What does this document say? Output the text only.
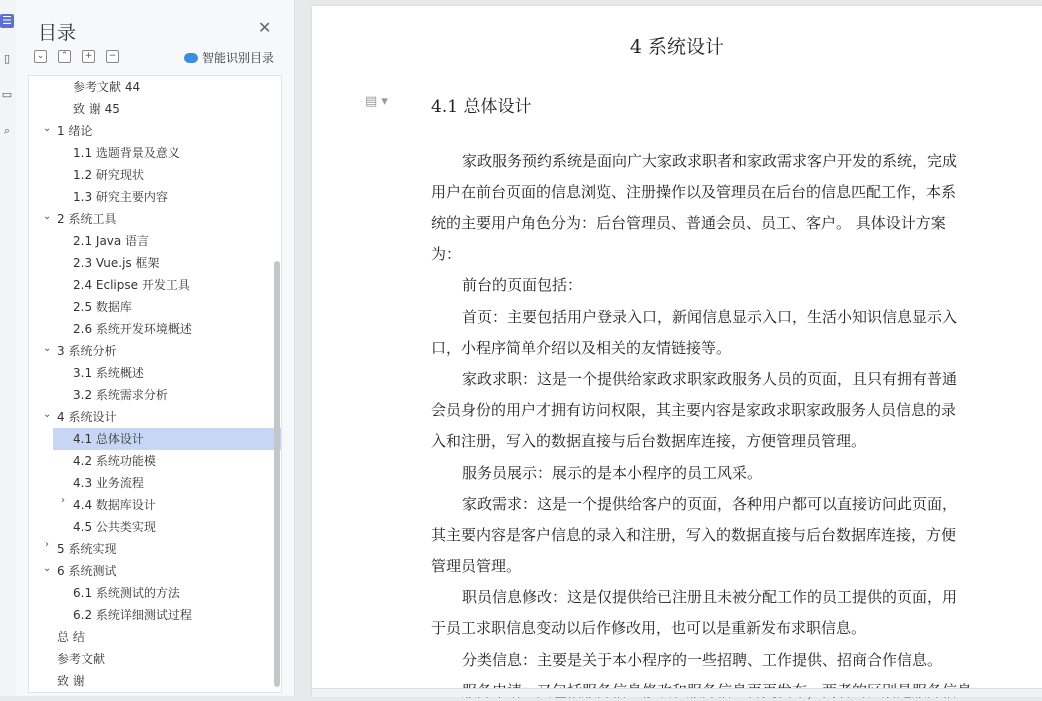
☰
▯
▭
⌕
目录	✕
⌄	⌃	+	−	智能识别目录
参考文献 44
致 谢 45
⌄ 1 绪论
1.1 选题背景及意义
1.2 研究现状
1.3 研究主要内容
⌄ 2 系统工具
2.1 Java 语言
2.3 Vue.js 框架
2.4 Eclipse 开发工具
2.5 数据库
2.6 系统开发环境概述
⌄ 3 系统分析
3.1 系统概述
3.2 系统需求分析
⌄ 4 系统设计
4.1 总体设计
4.2 系统功能模
4.3 业务流程
› 4.4 数据库设计
4.5 公共类实现
› 5 系统实现
⌄ 6 系统测试
6.1 系统测试的方法
6.2 系统详细测试过程
总 结
参考文献
致 谢
4 系统设计
▤ ▾	4.1 总体设计
家政服务预约系统是面向广大家政求职者和家政需求客户开发的系统，完成
用户在前台页面的信息浏览、注册操作以及管理员在后台的信息匹配工作，本系
统的主要用户角色分为：后台管理员、普通会员、员工、客户。 具体设计方案
为：
前台的页面包括：
首页：主要包括用户登录入口，新闻信息显示入口，生活小知识信息显示入
口，小程序简单介绍以及相关的友情链接等。
家政求职：这是一个提供给家政求职家政服务人员的页面，且只有拥有普通
会员身份的用户才拥有访问权限，其主要内容是家政求职家政服务人员信息的录
入和注册，写入的数据直接与后台数据库连接，方便管理员管理。
服务员展示：展示的是本小程序的员工风采。
家政需求：这是一个提供给客户的页面，各种用户都可以直接访问此页面，
其主要内容是客户信息的录入和注册，写入的数据直接与后台数据库连接，方便
管理员管理。
职员信息修改：这是仅提供给已注册且未被分配工作的员工提供的页面，用
于员工求职信息变动以后作修改用，也可以是重新发布求职信息。
分类信息：主要是关于本小程序的一些招聘、工作提供、招商合作信息。
